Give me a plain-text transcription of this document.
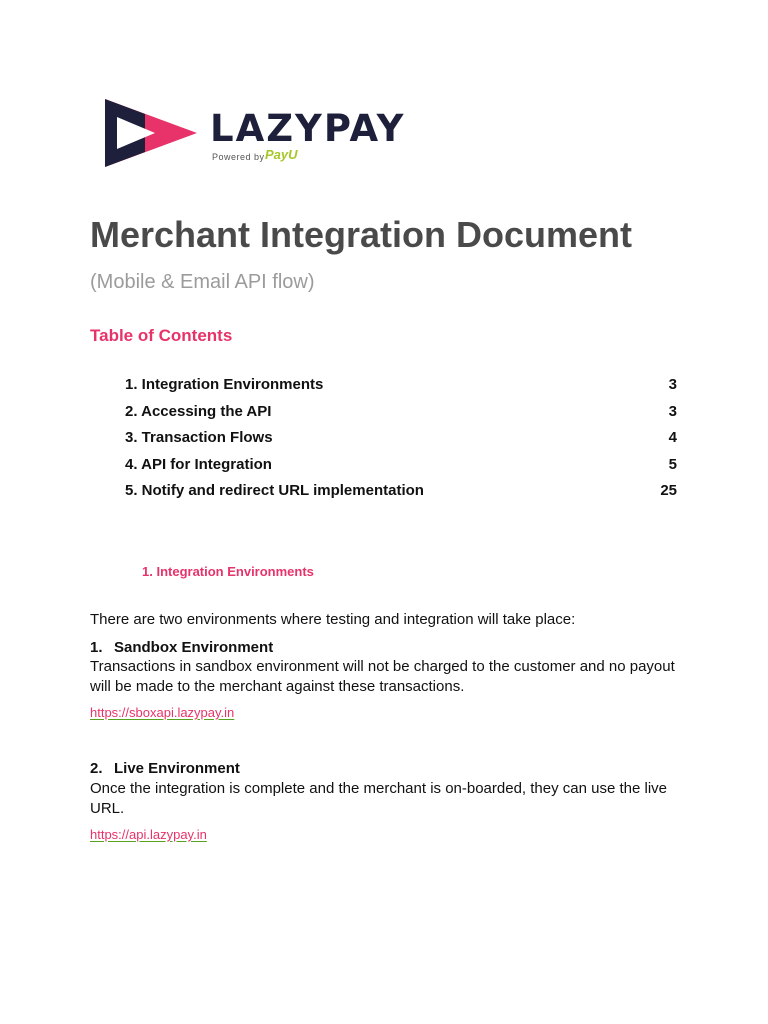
LAZYPAY
Powered by PayU
Merchant Integration Document
(Mobile & Email API flow)
Table of Contents
1. Integration Environments	3
2. Accessing the API	3
3. Transaction Flows	4
4. API for Integration	5
5. Notify and redirect URL implementation	25
1. Integration Environments
There are two environments where testing and integration will take place:
1. Sandbox Environment
Transactions in sandbox environment will not be charged to the customer and no payout will be made to the merchant against these transactions.
https://sboxapi.lazypay.in
2. Live Environment
Once the integration is complete and the merchant is on-boarded, they can use the live URL.
https://api.lazypay.in
